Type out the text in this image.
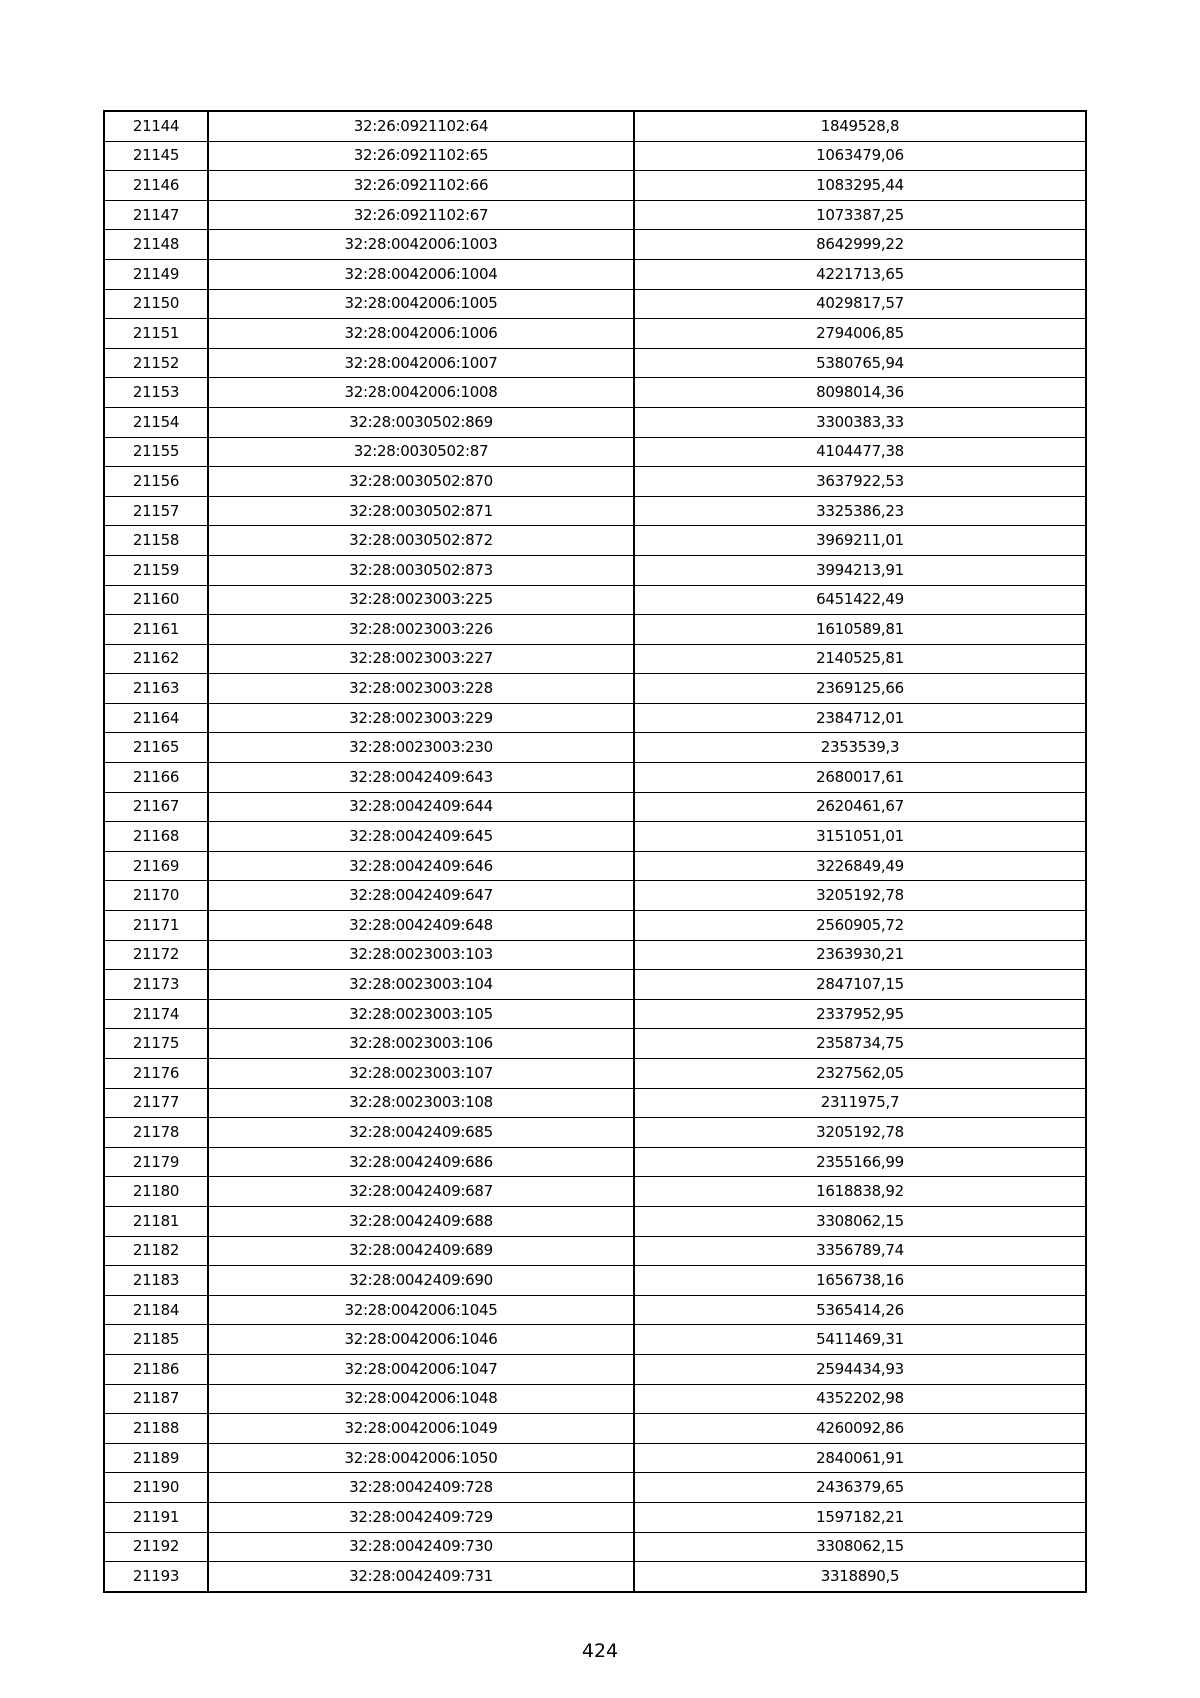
21144	32:26:0921102:64	1849528,8
21145	32:26:0921102:65	1063479,06
21146	32:26:0921102:66	1083295,44
21147	32:26:0921102:67	1073387,25
21148	32:28:0042006:1003	8642999,22
21149	32:28:0042006:1004	4221713,65
21150	32:28:0042006:1005	4029817,57
21151	32:28:0042006:1006	2794006,85
21152	32:28:0042006:1007	5380765,94
21153	32:28:0042006:1008	8098014,36
21154	32:28:0030502:869	3300383,33
21155	32:28:0030502:87	4104477,38
21156	32:28:0030502:870	3637922,53
21157	32:28:0030502:871	3325386,23
21158	32:28:0030502:872	3969211,01
21159	32:28:0030502:873	3994213,91
21160	32:28:0023003:225	6451422,49
21161	32:28:0023003:226	1610589,81
21162	32:28:0023003:227	2140525,81
21163	32:28:0023003:228	2369125,66
21164	32:28:0023003:229	2384712,01
21165	32:28:0023003:230	2353539,3
21166	32:28:0042409:643	2680017,61
21167	32:28:0042409:644	2620461,67
21168	32:28:0042409:645	3151051,01
21169	32:28:0042409:646	3226849,49
21170	32:28:0042409:647	3205192,78
21171	32:28:0042409:648	2560905,72
21172	32:28:0023003:103	2363930,21
21173	32:28:0023003:104	2847107,15
21174	32:28:0023003:105	2337952,95
21175	32:28:0023003:106	2358734,75
21176	32:28:0023003:107	2327562,05
21177	32:28:0023003:108	2311975,7
21178	32:28:0042409:685	3205192,78
21179	32:28:0042409:686	2355166,99
21180	32:28:0042409:687	1618838,92
21181	32:28:0042409:688	3308062,15
21182	32:28:0042409:689	3356789,74
21183	32:28:0042409:690	1656738,16
21184	32:28:0042006:1045	5365414,26
21185	32:28:0042006:1046	5411469,31
21186	32:28:0042006:1047	2594434,93
21187	32:28:0042006:1048	4352202,98
21188	32:28:0042006:1049	4260092,86
21189	32:28:0042006:1050	2840061,91
21190	32:28:0042409:728	2436379,65
21191	32:28:0042409:729	1597182,21
21192	32:28:0042409:730	3308062,15
21193	32:28:0042409:731	3318890,5
424
